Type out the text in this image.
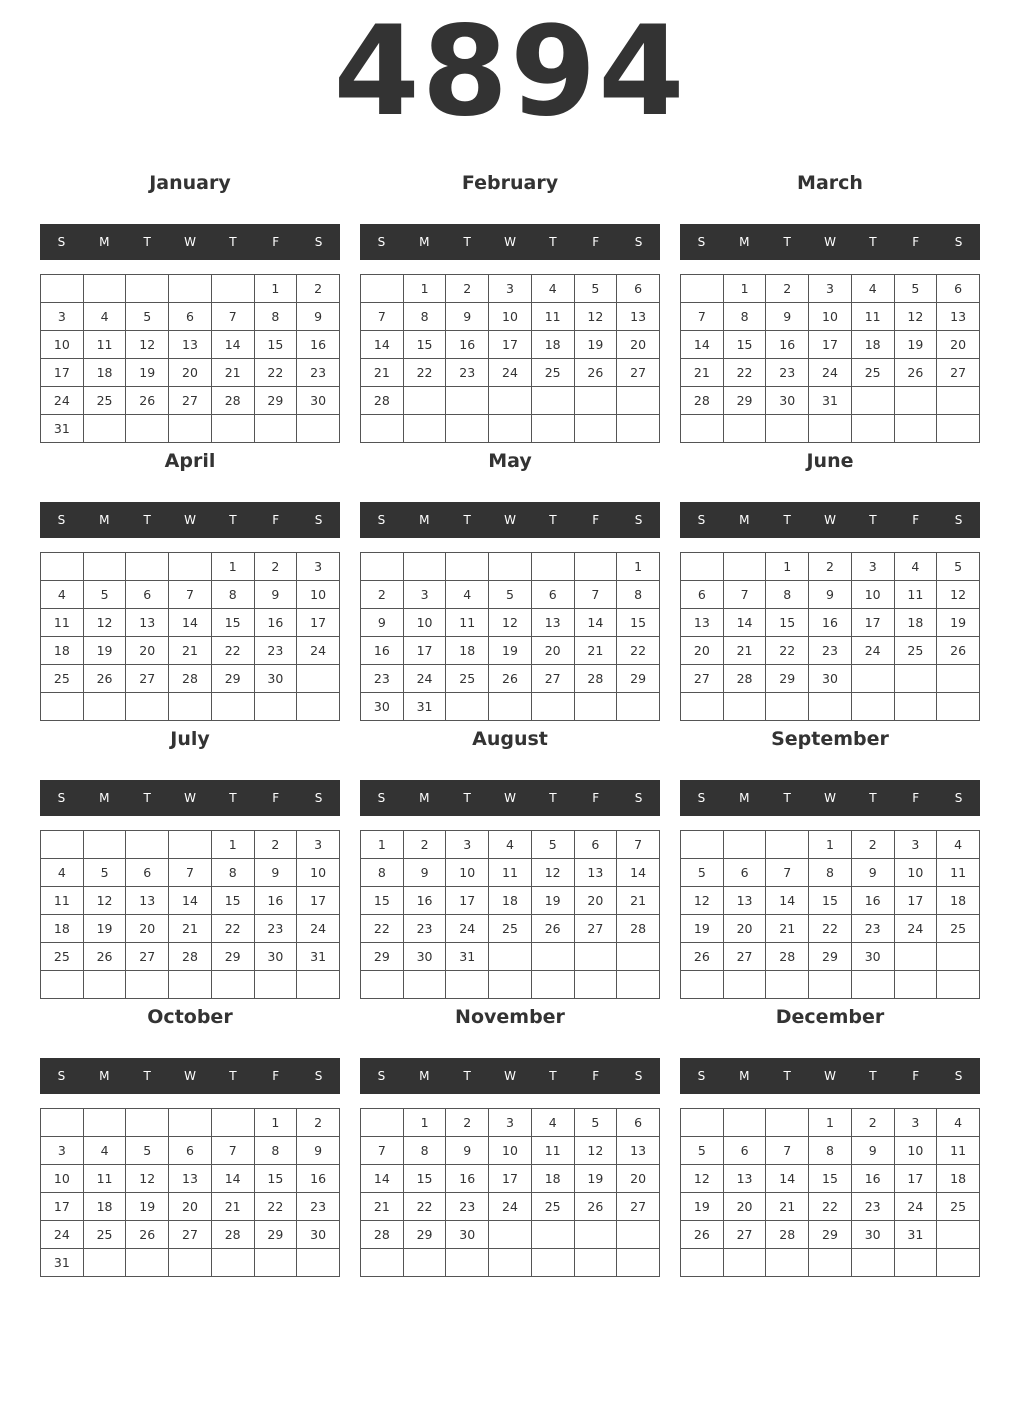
4894
January
S	M	T	W	T	F	S
					1	2
3	4	5	6	7	8	9
10	11	12	13	14	15	16
17	18	19	20	21	22	23
24	25	26	27	28	29	30
31						
February
S	M	T	W	T	F	S
	1	2	3	4	5	6
7	8	9	10	11	12	13
14	15	16	17	18	19	20
21	22	23	24	25	26	27
28						

March
S	M	T	W	T	F	S
	1	2	3	4	5	6
7	8	9	10	11	12	13
14	15	16	17	18	19	20
21	22	23	24	25	26	27
28	29	30	31			

April
S	M	T	W	T	F	S
				1	2	3
4	5	6	7	8	9	10
11	12	13	14	15	16	17
18	19	20	21	22	23	24
25	26	27	28	29	30	

May
S	M	T	W	T	F	S
						1
2	3	4	5	6	7	8
9	10	11	12	13	14	15
16	17	18	19	20	21	22
23	24	25	26	27	28	29
30	31					
June
S	M	T	W	T	F	S
		1	2	3	4	5
6	7	8	9	10	11	12
13	14	15	16	17	18	19
20	21	22	23	24	25	26
27	28	29	30			

July
S	M	T	W	T	F	S
				1	2	3
4	5	6	7	8	9	10
11	12	13	14	15	16	17
18	19	20	21	22	23	24
25	26	27	28	29	30	31

August
S	M	T	W	T	F	S
1	2	3	4	5	6	7
8	9	10	11	12	13	14
15	16	17	18	19	20	21
22	23	24	25	26	27	28
29	30	31				

September
S	M	T	W	T	F	S
			1	2	3	4
5	6	7	8	9	10	11
12	13	14	15	16	17	18
19	20	21	22	23	24	25
26	27	28	29	30		

October
S	M	T	W	T	F	S
					1	2
3	4	5	6	7	8	9
10	11	12	13	14	15	16
17	18	19	20	21	22	23
24	25	26	27	28	29	30
31						
November
S	M	T	W	T	F	S
	1	2	3	4	5	6
7	8	9	10	11	12	13
14	15	16	17	18	19	20
21	22	23	24	25	26	27
28	29	30				

December
S	M	T	W	T	F	S
			1	2	3	4
5	6	7	8	9	10	11
12	13	14	15	16	17	18
19	20	21	22	23	24	25
26	27	28	29	30	31	
